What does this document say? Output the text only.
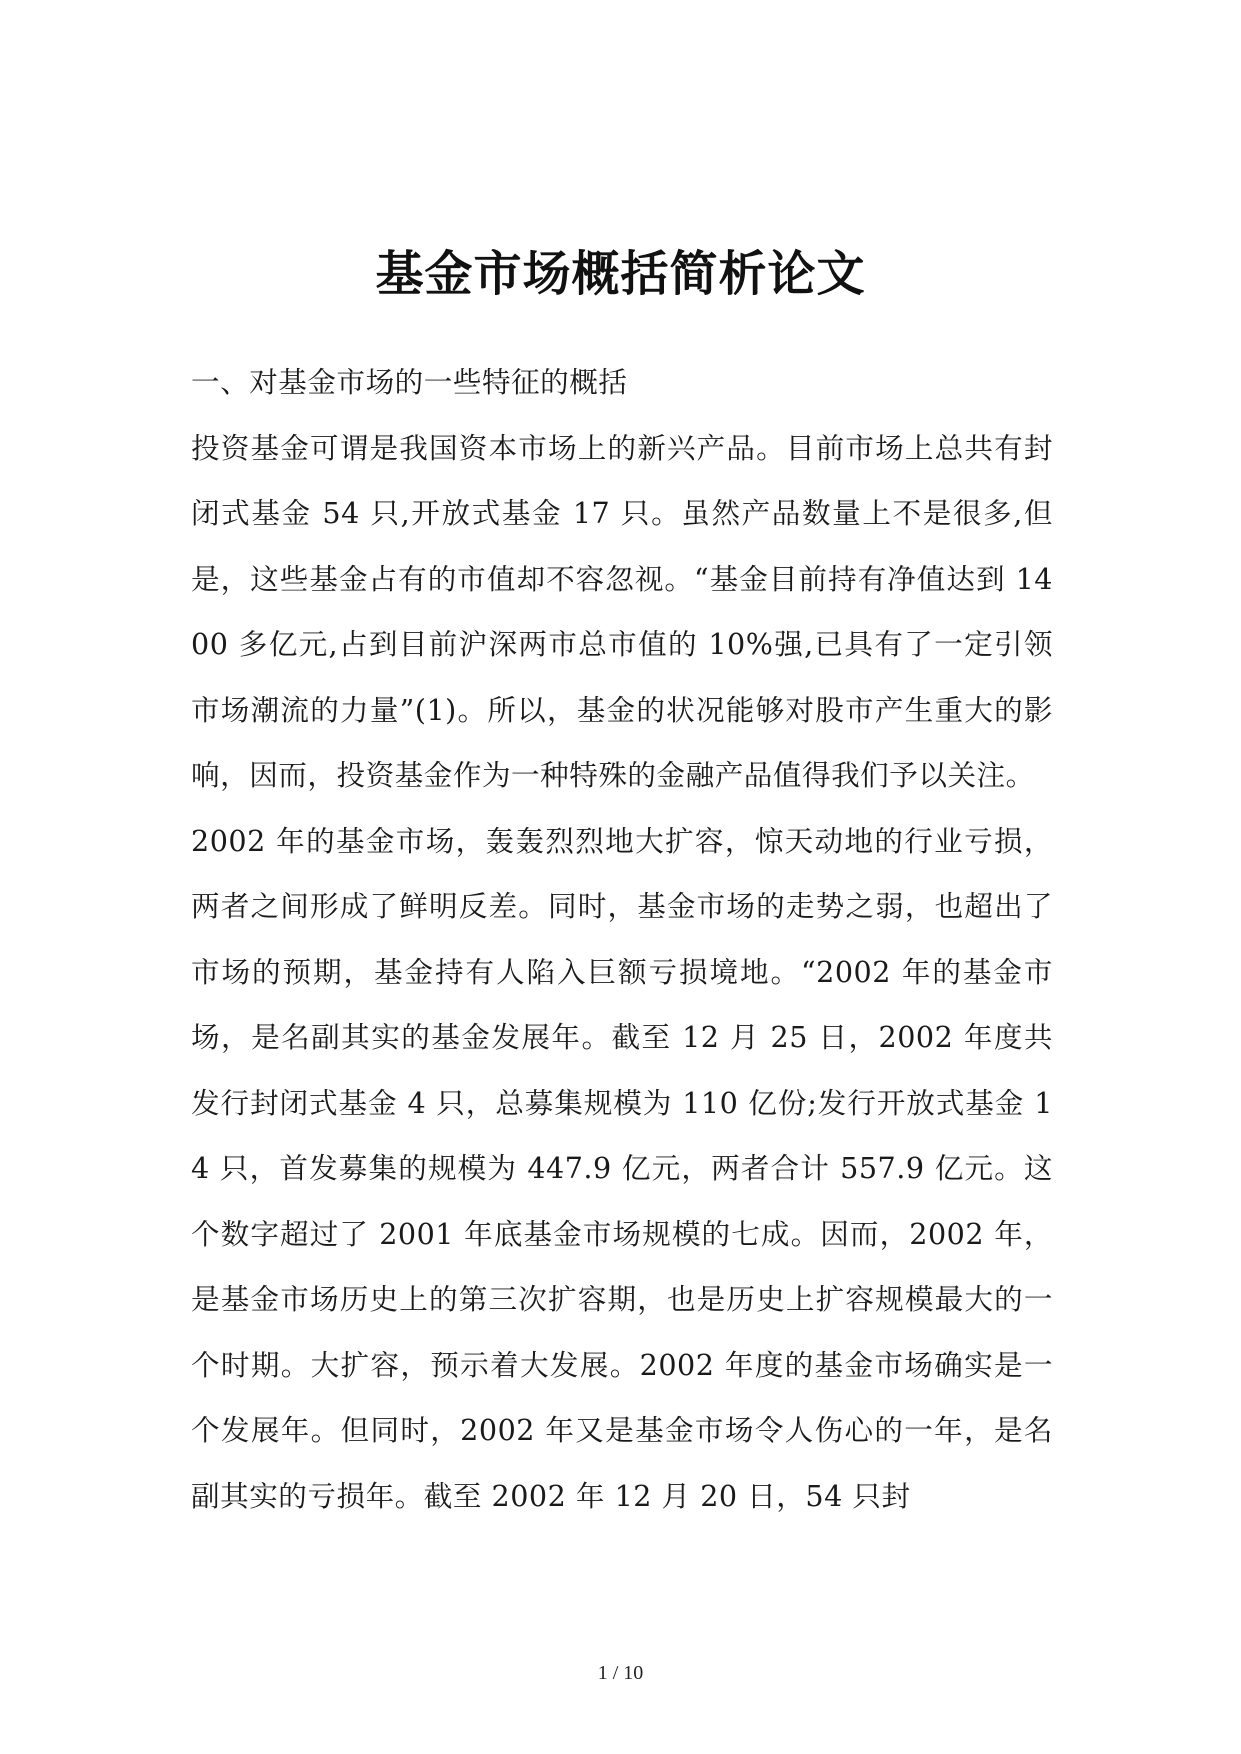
基金市场概括简析论文

一、对基金市场的一些特征的概括

投资基金可谓是我国资本市场上的新兴产品。目前市场上总共有封闭式基金 54 只,开放式基金 17 只。虽然产品数量上不是很多,但是，这些基金占有的市值却不容忽视。“基金目前持有净值达到 1400 多亿元,占到目前沪深两市总市值的 10%强,已具有了一定引领市场潮流的力量”(1)。所以，基金的状况能够对股市产生重大的影响，因而，投资基金作为一种特殊的金融产品值得我们予以关注。

2002 年的基金市场，轰轰烈烈地大扩容，惊天动地的行业亏损，两者之间形成了鲜明反差。同时，基金市场的走势之弱，也超出了市场的预期，基金持有人陷入巨额亏损境地。“2002 年的基金市场，是名副其实的基金发展年。截至 12 月 25 日，2002 年度共发行封闭式基金 4 只，总募集规模为 110 亿份;发行开放式基金 14 只，首发募集的规模为 447.9 亿元，两者合计 557.9 亿元。这个数字超过了 2001 年底基金市场规模的七成。因而，2002 年，是基金市场历史上的第三次扩容期，也是历史上扩容规模最大的一个时期。大扩容，预示着大发展。2002 年度的基金市场确实是一个发展年。但同时，2002 年又是基金市场令人伤心的一年，是名副其实的亏损年。截至 2002 年 12 月 20 日，54 只封

1 / 10
